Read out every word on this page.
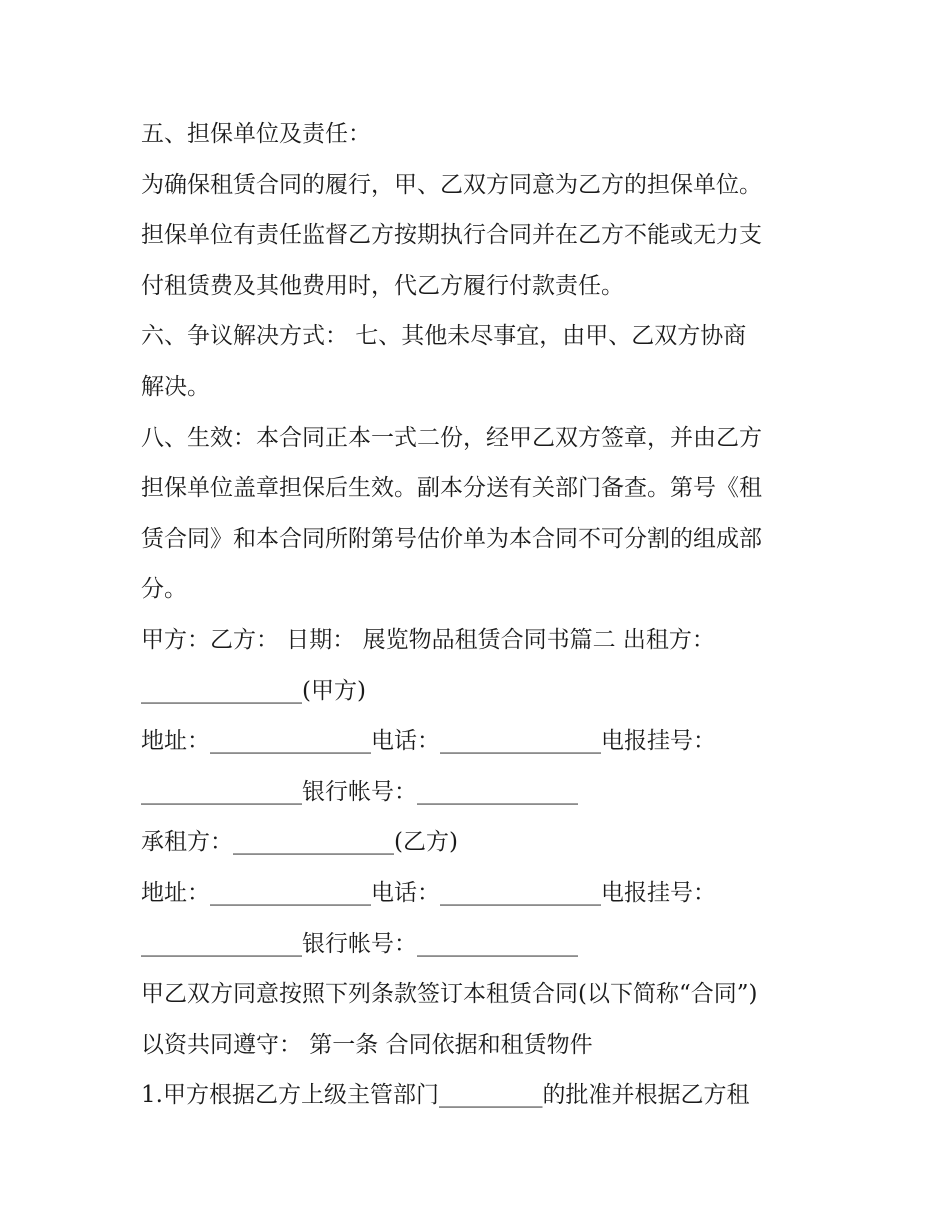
五、担保单位及责任：

为确保租赁合同的履行，甲、乙双方同意为乙方的担保单位。

担保单位有责任监督乙方按期执行合同并在乙方不能或无力支

付租赁费及其他费用时，代乙方履行付款责任。

六、争议解决方式： 七、其他未尽事宜，由甲、乙双方协商

解决。

八、生效：本合同正本一式二份，经甲乙双方签章，并由乙方

担保单位盖章担保后生效。副本分送有关部门备查。第号《租

赁合同》和本合同所附第号估价单为本合同不可分割的组成部

分。

甲方：乙方： 日期： 展览物品租赁合同书篇二 出租方：

______________(甲方)

地址：______________电话：______________电报挂号：

______________银行帐号：______________

承租方：______________(乙方)

地址：______________电话：______________电报挂号：

______________银行帐号：______________

甲乙双方同意按照下列条款签订本租赁合同(以下简称“合同”)

以资共同遵守： 第一条 合同依据和租赁物件

1.甲方根据乙方上级主管部门_________的批准并根据乙方租
